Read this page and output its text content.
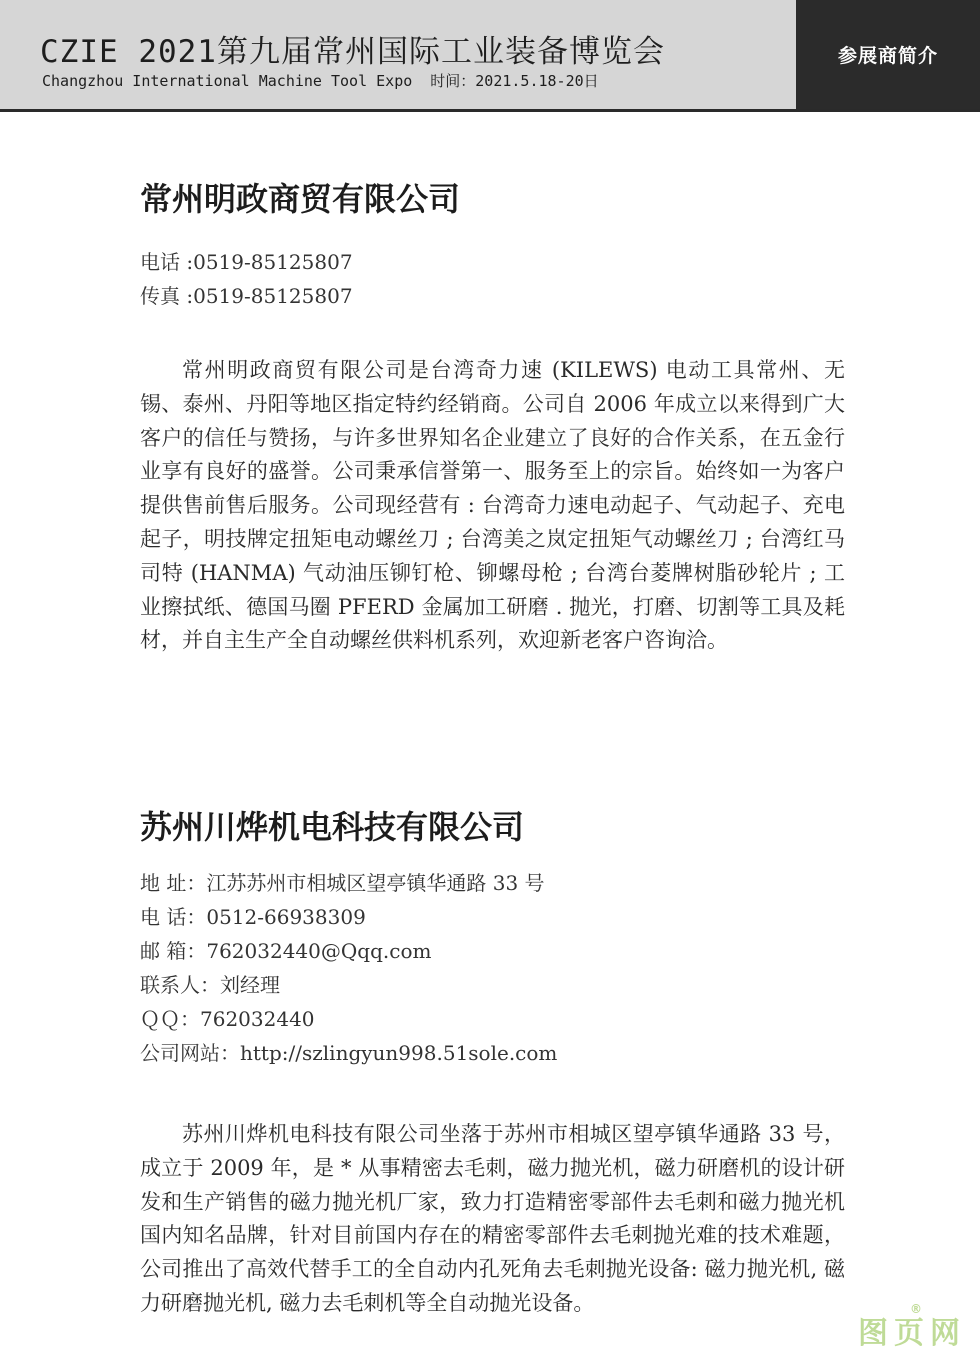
CZIE 2021第九届常州国际工业装备博览会
Changzhou International Machine Tool Expo 时间：2021.5.18-20日
参展商简介
常州明政商贸有限公司
电话 :0519-85125807
传真 :0519-85125807
常州明政商贸有限公司是台湾奇力速 (KILEWS) 电动工具常州、无锡、泰州、丹阳等地区指定特约经销商。公司自 2006 年成立以来得到广大客户的信任与赞扬，与许多世界知名企业建立了良好的合作关系，在五金行业享有良好的盛誉。公司秉承信誉第一、服务至上的宗旨。始终如一为客户提供售前售后服务。公司现经营有 : 台湾奇力速电动起子、气动起子、充电起子，明技牌定扭矩电动螺丝刀 ; 台湾美之岚定扭矩气动螺丝刀 ; 台湾红马司特 (HANMA) 气动油压铆钉枪、铆螺母枪 ; 台湾台菱牌树脂砂轮片 ; 工业擦拭纸、德国马圈 PFERD 金属加工研磨 . 抛光，打磨、切割等工具及耗材，并自主生产全自动螺丝供料机系列，欢迎新老客户咨询洽。
苏州川烨机电科技有限公司
地 址：江苏苏州市相城区望亭镇华通路 33 号
电 话：0512-66938309
邮 箱：762032440@Qqq.com
联系人：刘经理
ＱＱ：762032440
公司网站：http://szlingyun998.51sole.com
苏州川烨机电科技有限公司坐落于苏州市相城区望亭镇华通路 33 号，成立于 2009 年，是 * 从事精密去毛刺，磁力抛光机，磁力研磨机的设计研发和生产销售的磁力抛光机厂家，致力打造精密零部件去毛刺和磁力抛光机国内知名品牌，针对目前国内存在的精密零部件去毛刺抛光难的技术难题，公司推出了高效代替手工的全自动内孔死角去毛刺抛光设备: 磁力抛光机, 磁力研磨抛光机, 磁力去毛刺机等全自动抛光设备。
图页网
®
